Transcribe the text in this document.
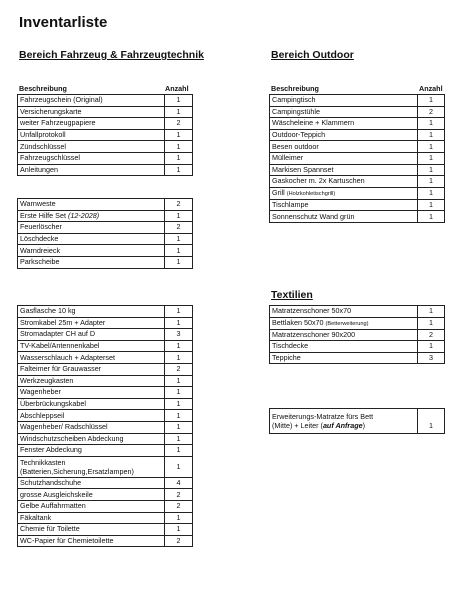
Inventarliste
Bereich Fahrzeug & Fahrzeugtechnik	Bereich Outdoor
Textilien
Beschreibung	Anzahl	Beschreibung	Anzahl
Fahrzeugschein (Original)	1
Versicherungskarte	1
weiter Fahrzeugpapiere	2
Unfallprotokoll	1
Zündschlüssel	1
Fahrzeugschlüssel	1
Anleitungen	1
Warnweste	2
Erste Hilfe Set (12-2028)	1
Feuerlöscher	2
Löschdecke	1
Warndreieck	1
Parkscheibe	1
Gasflasche 10 kg	1
Stromkabel 25m + Adapter	1
Stromadapter CH auf D	3
TV-Kabel/Antennenkabel	1
Wasserschlauch + Adapterset	1
Falteimer für Grauwasser	2
Werkzeugkasten	1
Wagenheber	1
Überbrückungskabel	1
Abschleppseil	1
Wagenheber/ Radschlüssel	1
Windschutzscheiben Abdeckung	1
Fenster Abdeckung	1

Technikkasten
(Batterien,Sicherung,Ersatzlampen)	1
Schutzhandschuhe	4
grosse Ausgleichskeile	2
Gelbe Auffahrmatten	2
Fäkaltank	1
Chemie für Toilette	1
WC-Papier für Chemietoilette	2
Campingtisch	1
Campingstühle	2
Wäscheleine + Klammern	1
Outdoor-Teppich	1
Besen outdoor	1
Mülleimer	1
Markisen Spannset	1
Gaskocher m. 2x Kartuschen	1
Grill (Holzkohletischgrill)	1
Tischlampe	1
Sonnenschutz Wand grün	1
Matratzenschoner 50x70	1
Bettlaken 50x70 (Betterweiterung)	1
Matratzenschoner 90x200	2
Tischdecke	1
Teppiche	3
Erweiterungs-Matratze fürs Bett
(Mitte) + Leiter (auf Anfrage)	1
